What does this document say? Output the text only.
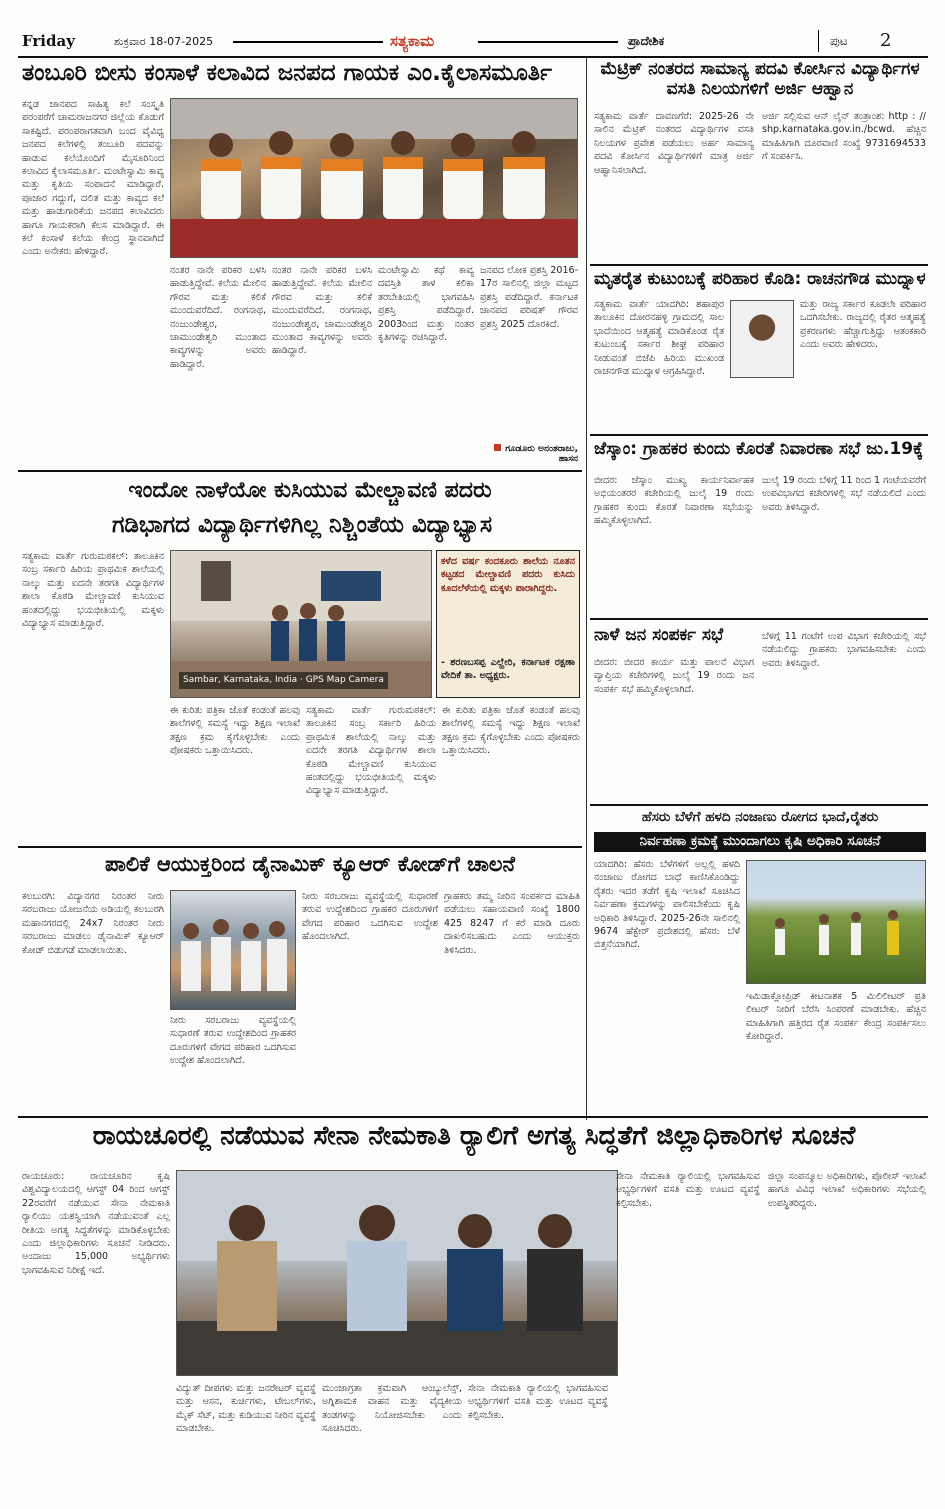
Friday	ಶುಕ್ರವಾರ 18-07-2025	ಸತ್ಯಕಾಮ	ಪ್ರಾದೇಶಿಕ	ಪುಟ 2
ತಂಬೂರಿ ಬೀಸು ಕಂಸಾಳೆ ಕಲಾವಿದ ಜನಪದ ಗಾಯಕ ಎಂ.ಕೈಲಾಸಮೂರ್ತಿ
ಕನ್ನಡ ಜಾನಪದ ಸಾಹಿತ್ಯ ಕಲೆ ಸಂಸ್ಕೃತಿ ಪರಂಪರೆಗೆ ಚಾಮರಾಜನಗರ ಜಿಲ್ಲೆಯ ಕೊಡುಗೆ ಸಾಕಷ್ಟಿದೆ. ಪರಂಪರಾಗತವಾಗಿ ಬಂದ ವೈವಿಧ್ಯ ಜನಪದ ಕಲೆಗಳಲ್ಲಿ ತಂಬೂರಿ ಪದವನ್ನು ಹಾಡುವ ಕಲೆಯೊಂದಿಗೆ ಮೈಸೂರಿನಿಂದ ಕಲಾವಿದ ಕೈಲಾಸಮೂರ್ತಿ. ಮಂಟೇಸ್ವಾಮಿ ಕಾವ್ಯ ಮತ್ತು ಕೃತಿಯ ಸಂಪಾದನೆ ಮಾಡಿದ್ದಾರೆ. ಪೂಜಾರ ಗದ್ದುಗೆ, ದಲಿತ ಮತ್ತು ಕಾವ್ಯದ ಕಲೆ ಮತ್ತು ಹಾಡುಗಾರಿಕೆಯ ಜನಪದ ಕಲಾವಿದರು ಹಾಗೂ ಗಾಯಕರಾಗಿ ಕೆಲಸ ಮಾಡಿದ್ದಾರೆ. ಈ ಕಲೆ ಕಂಸಾಳೆ ಕಲೆಯ ಕೇಂದ್ರ ಸ್ಥಾನವಾಗಿದೆ ಎಂದು ಅನೇಕರು ಹೇಳಿದ್ದಾರೆ.
ನಂತರ ನಾನೇ ಪರಿಕರ ಬಳಸಿ ಹಾಡುತ್ತಿದ್ದೇವೆ. ಕಲೆಯ ಮೇಲಿನ ಗೌರವ ಮತ್ತು ಕಲಿಕೆ ಮುಂದುವರೆದಿದೆ. ರಂಗನಾಥ, ನಂಜುಂಡೇಶ್ವರ, ಚಾಮುಂಡೇಶ್ವರಿ ಮುಂತಾದ ಕಾವ್ಯಗಳನ್ನು ಅವರು ಹಾಡಿದ್ದಾರೆ.
ನಂತರ ನಾನೇ ಪರಿಕರ ಬಳಸಿ ಹಾಡುತ್ತಿದ್ದೇವೆ. ಕಲೆಯ ಮೇಲಿನ ಗೌರವ ಮತ್ತು ಕಲಿಕೆ ಮುಂದುವರೆದಿದೆ. ರಂಗನಾಥ, ನಂಜುಂಡೇಶ್ವರ, ಚಾಮುಂಡೇಶ್ವರಿ ಮುಂತಾದ ಕಾವ್ಯಗಳನ್ನು ಅವರು ಹಾಡಿದ್ದಾರೆ.
ಮಂಟೇಸ್ವಾಮಿ ಕಥೆ ಕಾವ್ಯ ದವಸ್ತಿತಿ ತಾಳ ಕಲಿಕಾ ತರಬೇತಿಯಲ್ಲಿ ಭಾಗವಹಿಸಿ ಪ್ರಶಸ್ತಿ ಪಡೆದಿದ್ದಾರೆ. 2003ರಿಂದ ಮತ್ತು ನಂತರ ಕೃತಿಗಳನ್ನು ರಚಿಸಿದ್ದಾರೆ.
ಜನಪದ ಲೋಕ ಪ್ರಶಸ್ತಿ 2016-17ರ ಸಾಲಿನಲ್ಲಿ ಜಿಲ್ಲಾ ಮಟ್ಟದ ಪ್ರಶಸ್ತಿ ಪಡೆದಿದ್ದಾರೆ. ಕರ್ನಾಟಕ ಜಾನಪದ ಪರಿಷತ್ ಗೌರವ ಪ್ರಶಸ್ತಿ 2025 ದೊರಕಿದೆ.
ಗೂಡೂರು ಅನಂತರಾಜು, ಹಾಸನ
ಇಂದೋ ನಾಳೆಯೋ ಕುಸಿಯುವ ಮೇಲ್ಚಾವಣಿ ಪದರು
ಗಡಿಭಾಗದ ವಿದ್ಯಾರ್ಥಿಗಳಿಗಿಲ್ಲ ನಿಶ್ಚಿಂತೆಯ ವಿದ್ಯಾಭ್ಯಾಸ
ಸತ್ಯಕಾಮ ವಾರ್ತೆ ಗುರುಮಠಕಲ್: ತಾಲೂಕಿನ ಸಂಬ್ರ ಸರ್ಕಾರಿ ಹಿರಿಯ ಪ್ರಾಥಮಿಕ ಶಾಲೆಯಲ್ಲಿ ನಾಲ್ಕು ಮತ್ತು ಐದನೇ ತರಗತಿ ವಿದ್ಯಾರ್ಥಿಗಳ ಶಾಲಾ ಕೊಠಡಿ ಮೇಲ್ಚಾವಣಿ ಕುಸಿಯುವ ಹಂತದಲ್ಲಿದ್ದು ಭಯಭೀತಿಯಲ್ಲಿ ಮಕ್ಕಳು ವಿದ್ಯಾಭ್ಯಾಸ ಮಾಡುತ್ತಿದ್ದಾರೆ.
Sambar, Karnataka, India · GPS Map Camera
ಕಳೆದ ವರ್ಷ ಕಂದಕೂರು ಶಾಲೆಯ ನೂತನ ಕಟ್ಟಡದ ಮೇಲ್ಚಾವಣಿ ಪದರು ಕುಸಿದು ಕೂದಲೆಳೆಯಲ್ಲಿ ಮಕ್ಕಳು ಪಾರಾಗಿದ್ದರು.
- ಶರಣಬಸಪ್ಪ ಎಲ್ಹೇರಿ, ಕರ್ನಾಟಕ ರಕ್ಷಣಾ ವೇದಿಕೆ ತಾ. ಅಧ್ಯಕ್ಷರು.
ಈ ಕುರಿತು ಪತ್ರಿಕಾ ಜೊತೆ ಕಂಡಂತೆ ಹಲವು ಶಾಲೆಗಳಲ್ಲಿ ಸಮಸ್ಯೆ ಇದ್ದು ಶಿಕ್ಷಣ ಇಲಾಖೆ ತಕ್ಷಣ ಕ್ರಮ ಕೈಗೊಳ್ಳಬೇಕು ಎಂದು ಪೋಷಕರು ಒತ್ತಾಯಿಸಿದರು.
ಸತ್ಯಕಾಮ ವಾರ್ತೆ ಗುರುಮಠಕಲ್: ತಾಲೂಕಿನ ಸಂಬ್ರ ಸರ್ಕಾರಿ ಹಿರಿಯ ಪ್ರಾಥಮಿಕ ಶಾಲೆಯಲ್ಲಿ ನಾಲ್ಕು ಮತ್ತು ಐದನೇ ತರಗತಿ ವಿದ್ಯಾರ್ಥಿಗಳ ಶಾಲಾ ಕೊಠಡಿ ಮೇಲ್ಚಾವಣಿ ಕುಸಿಯುವ ಹಂತದಲ್ಲಿದ್ದು ಭಯಭೀತಿಯಲ್ಲಿ ಮಕ್ಕಳು ವಿದ್ಯಾಭ್ಯಾಸ ಮಾಡುತ್ತಿದ್ದಾರೆ.
ಈ ಕುರಿತು ಪತ್ರಿಕಾ ಜೊತೆ ಕಂಡಂತೆ ಹಲವು ಶಾಲೆಗಳಲ್ಲಿ ಸಮಸ್ಯೆ ಇದ್ದು ಶಿಕ್ಷಣ ಇಲಾಖೆ ತಕ್ಷಣ ಕ್ರಮ ಕೈಗೊಳ್ಳಬೇಕು ಎಂದು ಪೋಷಕರು ಒತ್ತಾಯಿಸಿದರು.
ಪಾಲಿಕೆ ಆಯುಕ್ತರಿಂದ ಡೈನಾಮಿಕ್ ಕ್ಯೂಆರ್ ಕೋಡ್‌ಗೆ ಚಾಲನೆ
ಕಲಬುರಗಿ: ವಿದ್ಯಾನಗರ ನಿರಂತರ ನೀರು ಸರಬರಾಜು ಯೋಜನೆಯ ಅಡಿಯಲ್ಲಿ ಕಲಬುರಗಿ ಮಹಾನಗರದಲ್ಲಿ 24x7 ನಿರಂತರ ನೀರು ಸರಬರಾಜು ಮಾಡಲು ಡೈನಾಮಿಕ್ ಕ್ಯೂಆರ್ ಕೋಡ್ ಬಿಡುಗಡೆ ಮಾಡಲಾಯಿತು.
ನೀರು ಸರಬರಾಜು ವ್ಯವಸ್ಥೆಯಲ್ಲಿ ಸುಧಾರಣೆ ತರುವ ಉದ್ದೇಶದಿಂದ ಗ್ರಾಹಕರ ದೂರುಗಳಿಗೆ ವೇಗದ ಪರಿಹಾರ ಒದಗಿಸುವ ಉದ್ದೇಶ ಹೊಂದಲಾಗಿದೆ.
ನೀರು ಸರಬರಾಜು ವ್ಯವಸ್ಥೆಯಲ್ಲಿ ಸುಧಾರಣೆ ತರುವ ಉದ್ದೇಶದಿಂದ ಗ್ರಾಹಕರ ದೂರುಗಳಿಗೆ ವೇಗದ ಪರಿಹಾರ ಒದಗಿಸುವ ಉದ್ದೇಶ ಹೊಂದಲಾಗಿದೆ.
ಗ್ರಾಹಕರು ತಮ್ಮ ನೀರಿನ ಸಂಪರ್ಕದ ಮಾಹಿತಿ ಪಡೆಯಲು ಸಹಾಯವಾಣಿ ಸಂಖ್ಯೆ 1800 425 8247 ಗೆ ಕರೆ ಮಾಡಿ ದೂರು ದಾಖಲಿಸಬಹುದು ಎಂದು ಆಯುಕ್ತರು ತಿಳಿಸಿದರು.
ಮೆಟ್ರಿಕ್ ನಂತರದ ಸಾಮಾನ್ಯ ಪದವಿ ಕೋರ್ಸಿನ ವಿದ್ಯಾರ್ಥಿಗಳ ವಸತಿ ನಿಲಯಗಳಿಗೆ ಅರ್ಜಿ ಆಹ್ವಾನ
ಸತ್ಯಕಾಮ ವಾರ್ತೆ ದಾವಣಗೆರೆ: 2025-26 ನೇ ಸಾಲಿನ ಮೆಟ್ರಿಕ್ ನಂತರದ ವಿದ್ಯಾರ್ಥಿಗಳ ವಸತಿ ನಿಲಯಗಳ ಪ್ರವೇಶ ಪಡೆಯಲು ಅರ್ಹ ಸಾಮಾನ್ಯ ಪದವಿ ಕೋರ್ಸಿನ ವಿದ್ಯಾರ್ಥಿಗಳಿಗೆ ಮಾತ್ರ ಅರ್ಜಿ ಆಹ್ವಾನಿಸಲಾಗಿದೆ.
ಅರ್ಜಿ ಸಲ್ಲಿಸುವ ಆನ್ ಲೈನ್ ತಂತ್ರಾಂಶ: http : // shp.karnataka.gov.in./bcwd. ಹೆಚ್ಚಿನ ಮಾಹಿತಿಗಾಗಿ ದೂರವಾಣಿ ಸಂಖ್ಯೆ 9731694533 ಗೆ ಸಂಪರ್ಕಿಸಿ.
ಮೃತರೈತ ಕುಟುಂಬಕ್ಕೆ ಪರಿಹಾರ ಕೊಡಿ: ರಾಚನಗೌಡ ಮುದ್ನಾಳ
ಸತ್ಯಕಾಮ ವಾರ್ತೆ ಯಾದಗಿರಿ: ಶಹಾಪುರ ತಾಲೂಕಿನ ದೋರನಹಳ್ಳಿ ಗ್ರಾಮದಲ್ಲಿ ಸಾಲ ಭಾದೆಯಿಂದ ಆತ್ಮಹತ್ಯೆ ಮಾಡಿಕೊಂಡ ರೈತ ಕುಟುಂಬಕ್ಕೆ ಸರ್ಕಾರ ಶೀಘ್ರ ಪರಿಹಾರ ನೀಡುವಂತೆ ಬಿಜೆಪಿ ಹಿರಿಯ ಮುಖಂಡ ರಾಚನಗೌಡ ಮುದ್ನಾಳ ಆಗ್ರಹಿಸಿದ್ದಾರೆ.
ಮತ್ತು ರಾಜ್ಯ ಸರ್ಕಾರ ಕೂಡಲೇ ಪರಿಹಾರ ಒದಗಿಸಬೇಕು. ರಾಜ್ಯದಲ್ಲಿ ರೈತರ ಆತ್ಮಹತ್ಯೆ ಪ್ರಕರಣಗಳು ಹೆಚ್ಚಾಗುತ್ತಿದ್ದು ಆತಂಕಕಾರಿ ಎಂದು ಅವರು ಹೇಳಿದರು.
ಜೆಸ್ಕಾಂ: ಗ್ರಾಹಕರ ಕುಂದು ಕೊರತೆ ನಿವಾರಣಾ ಸಭೆ ಜು.19ಕ್ಕೆ
ಬೀದರ: ಜೆಸ್ಕಾಂ ಮುಖ್ಯ ಕಾರ್ಯನಿರ್ವಾಹಕ ಅಭಿಯಂತರರ ಕಚೇರಿಯಲ್ಲಿ ಜುಲೈ 19 ರಂದು ಗ್ರಾಹಕರ ಕುಂದು ಕೊರತೆ ನಿವಾರಣಾ ಸಭೆಯನ್ನು ಹಮ್ಮಿಕೊಳ್ಳಲಾಗಿದೆ.
ಜುಲೈ 19 ರಂದು ಬೆಳಿಗ್ಗೆ 11 ರಿಂದ 1 ಗಂಟೆಯವರೆಗೆ ಉಪವಿಭಾಗದ ಕಚೇರಿಗಳಲ್ಲಿ ಸಭೆ ನಡೆಯಲಿದೆ ಎಂದು ಅವರು ತಿಳಿಸಿದ್ದಾರೆ.
ನಾಳೆ ಜನ ಸಂಪರ್ಕ ಸಭೆ
ಬೀದರ: ಬೀದರ ಕಾರ್ಯ ಮತ್ತು ಪಾಲನೆ ವಿಭಾಗ ವ್ಯಾಪ್ತಿಯ ಕಚೇರಿಗಳಲ್ಲಿ ಜುಲೈ 19 ರಂದು ಜನ ಸಂಪರ್ಕ ಸಭೆ ಹಮ್ಮಿಕೊಳ್ಳಲಾಗಿದೆ.
ಬೆಳಿಗ್ಗೆ 11 ಗಂಟೆಗೆ ಉಪ ವಿಭಾಗ ಕಚೇರಿಯಲ್ಲಿ ಸಭೆ ನಡೆಯಲಿದ್ದು ಗ್ರಾಹಕರು ಭಾಗವಹಿಸಬೇಕು ಎಂದು ಅವರು ತಿಳಿಸಿದ್ದಾರೆ.
ಹೆಸರು ಬೆಳೆಗೆ ಹಳದಿ ನಂಜಾಣು ರೋಗದ ಭಾದೆ,ರೈತರು
ನಿರ್ವಹಣಾ ಕ್ರಮಕ್ಕೆ ಮುಂದಾಗಲು ಕೃಷಿ ಅಧಿಕಾರಿ ಸೂಚನೆ
ಯಾದಗಿರಿ: ಹೆಸರು ಬೆಳೆಗಳಿಗೆ ಅಲ್ಲಲ್ಲಿ ಹಳದಿ ನಂಜಾಣು ರೋಗದ ಬಾಧೆ ಕಾಣಿಸಿಕೊಂಡಿದ್ದು ರೈತರು ಇದರ ತಡೆಗೆ ಕೃಷಿ ಇಲಾಖೆ ಸೂಚಿಸಿದ ನಿರ್ವಹಣಾ ಕ್ರಮಗಳನ್ನು ಪಾಲಿಸಬೇಕೆಂದು ಕೃಷಿ ಅಧಿಕಾರಿ ತಿಳಿಸಿದ್ದಾರೆ. 2025-26ನೇ ಸಾಲಿನಲ್ಲಿ 9674 ಹೆಕ್ಟೇರ್ ಪ್ರದೇಶದಲ್ಲಿ ಹೆಸರು ಬೆಳೆ ಬಿತ್ತನೆಯಾಗಿದೆ.
ಇಮಿಡಾಕ್ಲೋಪ್ರಿಡ್ ಕೀಟನಾಶಕ 5 ಮಿಲಿಲೀಟರ್ ಪ್ರತಿ ಲೀಟರ್ ನೀರಿಗೆ ಬೆರೆಸಿ ಸಿಂಪರಣೆ ಮಾಡಬೇಕು. ಹೆಚ್ಚಿನ ಮಾಹಿತಿಗಾಗಿ ಹತ್ತಿರದ ರೈತ ಸಂಪರ್ಕ ಕೇಂದ್ರ ಸಂಪರ್ಕಿಸಲು ಕೋರಿದ್ದಾರೆ.
ರಾಯಚೂರಲ್ಲಿ ನಡೆಯುವ ಸೇನಾ ನೇಮಕಾತಿ ರ್‍ಯಾಲಿಗೆ ಅಗತ್ಯ ಸಿದ್ಧತೆಗೆ ಜಿಲ್ಲಾಧಿಕಾರಿಗಳ ಸೂಚನೆ
ರಾಯಚೂರು: ರಾಯಚೂರಿನ ಕೃಷಿ ವಿಶ್ವವಿದ್ಯಾಲಯದಲ್ಲಿ ಆಗಸ್ಟ್ 04 ರಿಂದ ಆಗಸ್ಟ್ 22ರವರೆಗೆ ನಡೆಯುವ ಸೇನಾ ನೇಮಕಾತಿ ರ್‍ಯಾಲಿಯು ಯಶಸ್ವಿಯಾಗಿ ನಡೆಯುವಂತೆ ಎಲ್ಲ ರೀತಿಯ ಅಗತ್ಯ ಸಿದ್ಧತೆಗಳನ್ನು ಮಾಡಿಕೊಳ್ಳಬೇಕು ಎಂದು ಜಿಲ್ಲಾಧಿಕಾರಿಗಳು ಸೂಚನೆ ನೀಡಿದರು. ಅಂದಾಜು 15,000 ಅಭ್ಯರ್ಥಿಗಳು ಭಾಗವಹಿಸುವ ನಿರೀಕ್ಷೆ ಇದೆ.
ಸೇನಾ ನೇಮಕಾತಿ ರ್‍ಯಾಲಿಯಲ್ಲಿ ಭಾಗವಹಿಸುವ ಅಭ್ಯರ್ಥಿಗಳಿಗೆ ವಸತಿ ಮತ್ತು ಊಟದ ವ್ಯವಸ್ಥೆ ಕಲ್ಪಿಸಬೇಕು.
ಜಿಲ್ಲಾ ಸಂಪನ್ಮೂಲ ಅಧಿಕಾರಿಗಳು, ಪೊಲೀಸ್ ಇಲಾಖೆ ಹಾಗೂ ವಿವಿಧ ಇಲಾಖೆ ಅಧಿಕಾರಿಗಳು ಸಭೆಯಲ್ಲಿ ಉಪಸ್ಥಿತರಿದ್ದರು.
ವಿದ್ಯುತ್ ದೀಪಗಳು ಮತ್ತು ಜನರೇಟರ್ ವ್ಯವಸ್ಥೆ ಮತ್ತು ಆಸನ, ಕುರ್ಚಿಗಳು, ಟೇಬಲ್‌ಗಳು, ಮೈಕ್ ಸೆಟ್, ಮತ್ತು ಕುಡಿಯುವ ನೀರಿನ ವ್ಯವಸ್ಥೆ ಮಾಡಬೇಕು.
ಮುಂಜಾಗ್ರತಾ ಕ್ರಮವಾಗಿ ಆಂಬ್ಯುಲೆನ್ಸ್, ಅಗ್ನಿಶಾಮಕ ವಾಹನ ಮತ್ತು ವೈದ್ಯಕೀಯ ತಂಡಗಳನ್ನು ನಿಯೋಜಿಸಬೇಕು ಎಂದು ಸೂಚಿಸಿದರು.
ಸೇನಾ ನೇಮಕಾತಿ ರ್‍ಯಾಲಿಯಲ್ಲಿ ಭಾಗವಹಿಸುವ ಅಭ್ಯರ್ಥಿಗಳಿಗೆ ವಸತಿ ಮತ್ತು ಊಟದ ವ್ಯವಸ್ಥೆ ಕಲ್ಪಿಸಬೇಕು.
